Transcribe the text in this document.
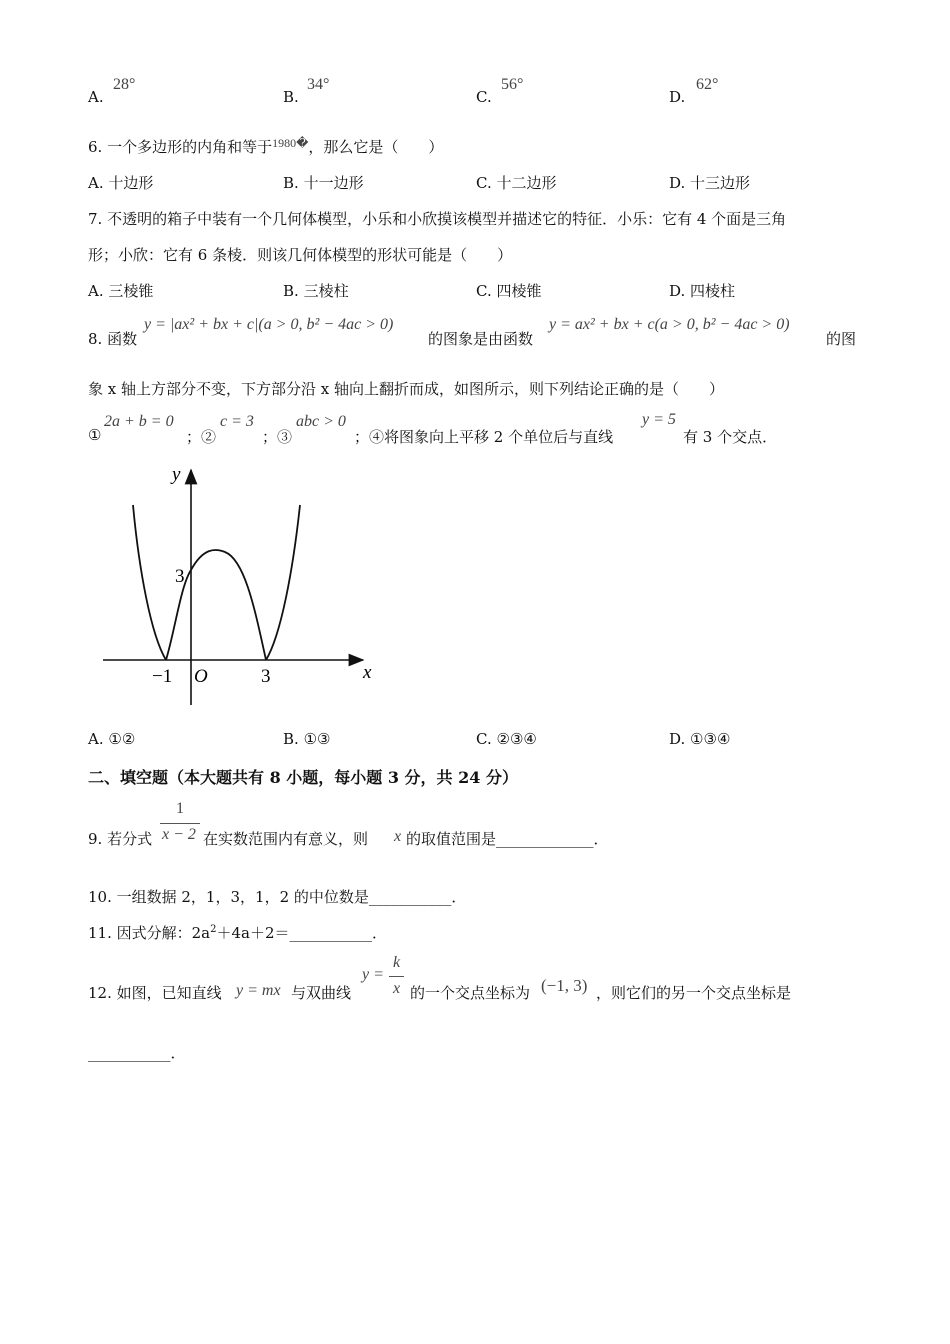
A.
28°
B.
34°
C.
56°
D.
62°
6. 一个多边形的内角和等于$^{1980�}$，那么它是（　　）
A. 十边形	B. 十一边形	C. 十二边形	D. 十三边形
7. 不透明的箱子中装有一个几何体模型，小乐和小欣摸该模型并描述它的特征．小乐：它有 4 个面是三角
形；小欣：它有 6 条棱．则该几何体模型的形状可能是（　　）
A. 三棱锥	B. 三棱柱	C. 四棱锥	D. 四棱柱
8. 函数
y = |ax² + bx + c|(a > 0, b² − 4ac > 0)
的图象是由函数
y = ax² + bx + c(a > 0, b² − 4ac > 0)
的图
象 x 轴上方部分不变，下方部分沿 x 轴向上翻折而成，如图所示，则下列结论正确的是（　　）
①
2a + b = 0
；②
c = 3
；③
abc > 0
；④将图象向上平移 2 个单位后与直线
y = 5
有 3 个交点．
y
x
O
3
−1	3
A. ①②	B. ①③	C. ②③④	D. ①③④
二、填空题（本大题共有 8 小题，每小题 3 分，共 24 分）
9. 若分式
1
x − 2 在实数范围内有意义，则 x 的取值范围是_____________．
10. 一组数据 2，1，3，1，2 的中位数是___________．
11. 因式分解：$2a^2+4a+2=\_\_\_\_\_\_\_\_\_\_\_$．
12. 如图，已知直线 y = mx 与双曲线
y =
k
x 的一个交点坐标为 (−1, 3) ，则它们的另一个交点坐标是
___________．
